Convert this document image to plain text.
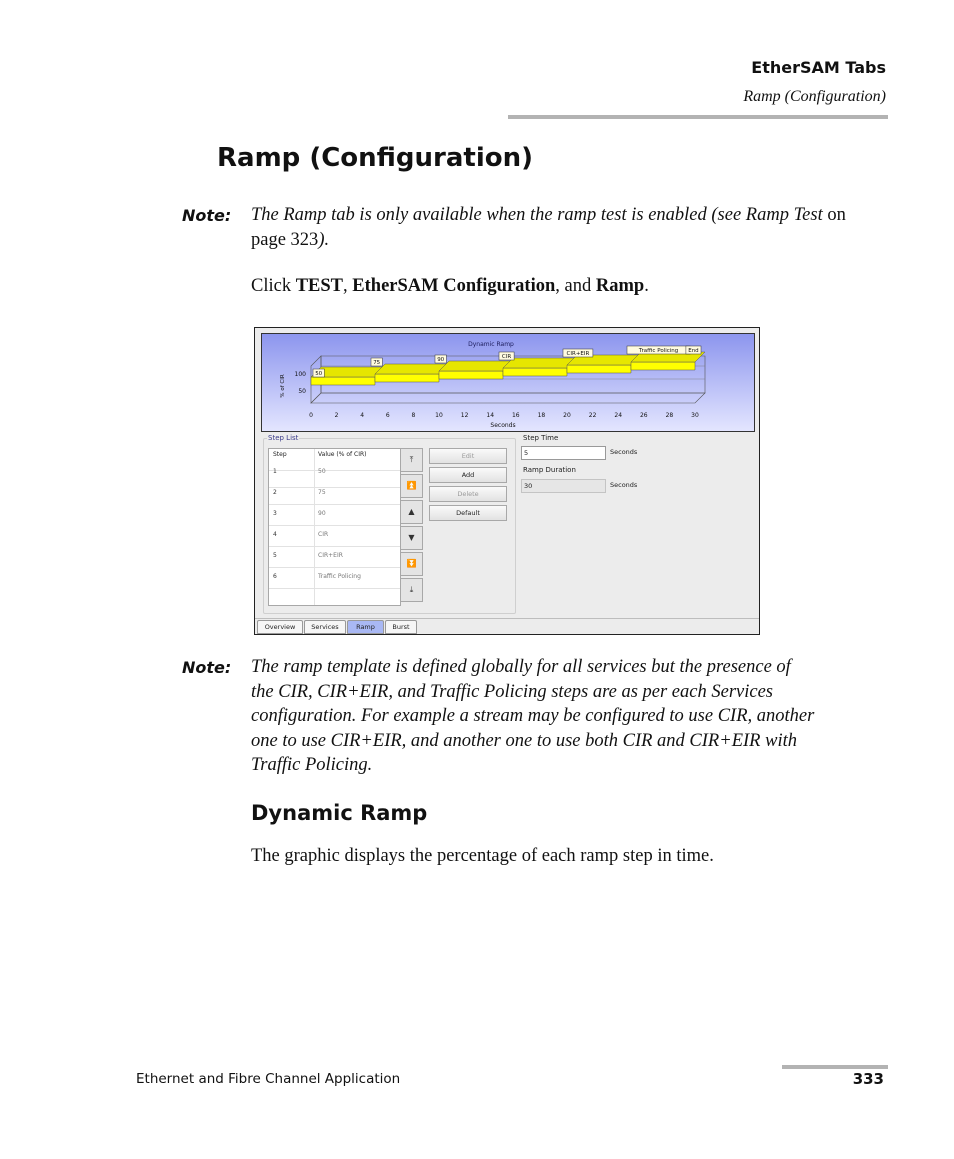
EtherSAM Tabs
Ramp (Configuration)
Ramp (Configuration)
Note: The Ramp tab is only available when the ramp test is enabled (see Ramp Test on page 323).
Click TEST, EtherSAM Configuration, and Ramp.
Dynamic Ramp
% of CIR 100
50
50
75	90	CIR	CIR+EIR	Traffic Policing End
0	2	4	6	8	10	12	14	16	18	20	22	24	26	28	30
Seconds
Step List
Step	Value (% of CIR)
1	50
2	75
3	90
4	CIR
5	CIR+EIR
6	Traffic Policing
⤒
⏫
▲
▼
⏬
⤓
Edit
Add
Delete
Default
Step Time
5	Seconds
Ramp Duration
30	Seconds
Overview	Services	Ramp	Burst
Note: The ramp template is defined globally for all services but the presence of
the CIR, CIR+EIR, and Traffic Policing steps are as per each Services
configuration. For example a stream may be configured to use CIR, another
one to use CIR+EIR, and another one to use both CIR and CIR+EIR with
Traffic Policing.
Dynamic Ramp
The graphic displays the percentage of each ramp step in time.
Ethernet and Fibre Channel Application	333
